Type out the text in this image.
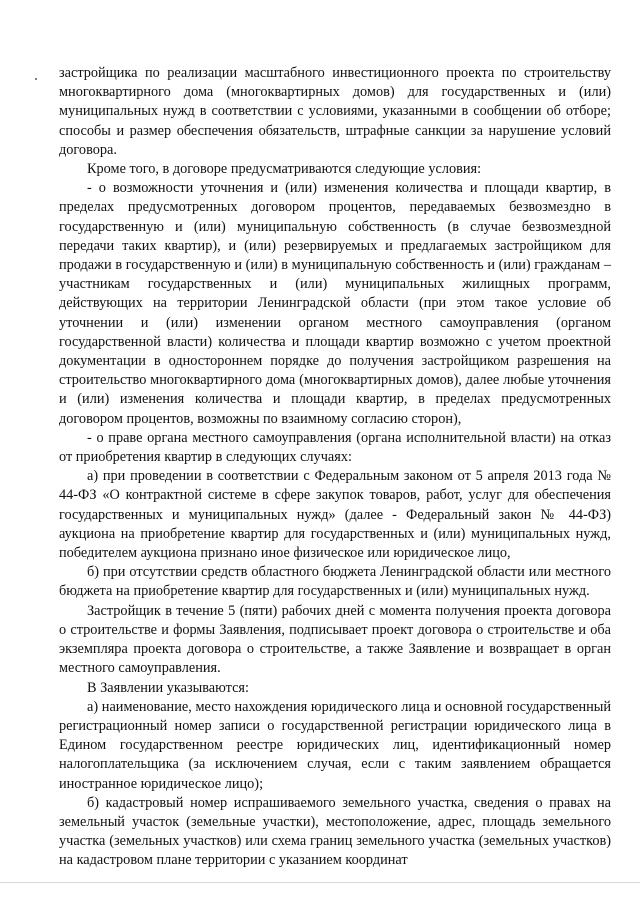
застройщика по реализации масштабного инвестиционного проекта по строительству многоквартирного дома (многоквартирных домов) для государственных и (или) муниципальных нужд в соответствии с условиями, указанными в сообщении об отборе; способы и размер обеспечения обязательств, штрафные санкции за нарушение условий договора.

Кроме того, в договоре предусматриваются следующие условия:

- о возможности уточнения и (или) изменения количества и площади квартир, в пределах предусмотренных договором процентов, передаваемых безвозмездно в государственную и (или) муниципальную собственность (в случае безвозмездной передачи таких квартир), и (или) резервируемых и предлагаемых застройщиком для продажи в государственную и (или) в муниципальную собственность и (или) гражданам – участникам государственных и (или) муниципальных жилищных программ, действующих на территории Ленинградской области (при этом такое условие об уточнении и (или) изменении органом местного самоуправления (органом государственной власти) количества и площади квартир возможно с учетом проектной документации в одностороннем порядке до получения застройщиком разрешения на строительство многоквартирного дома (многоквартирных домов), далее любые уточнения и (или) изменения количества и площади квартир, в пределах предусмотренных договором процентов, возможны по взаимному согласию сторон),

- о праве органа местного самоуправления (органа исполнительной власти) на отказ от приобретения квартир в следующих случаях:

а) при проведении в соответствии с Федеральным законом от 5 апреля 2013 года № 44-ФЗ «О контрактной системе в сфере закупок товаров, работ, услуг для обеспечения государственных и муниципальных нужд» (далее - Федеральный закон № 44-ФЗ) аукциона на приобретение квартир для государственных и (или) муниципальных нужд, победителем аукциона признано иное физическое или юридическое лицо,

б) при отсутствии средств областного бюджета Ленинградской области или местного бюджета на приобретение квартир для государственных и (или) муниципальных нужд.

Застройщик в течение 5 (пяти) рабочих дней с момента получения проекта договора о строительстве и формы Заявления, подписывает проект договора о строительстве и оба экземпляра проекта договора о строительстве, а также Заявление и возвращает в орган местного самоуправления.

В Заявлении указываются:

а) наименование, место нахождения юридического лица и основной государственный регистрационный номер записи о государственной регистрации юридического лица в Едином государственном реестре юридических лиц, идентификационный номер налогоплательщика (за исключением случая, если с таким заявлением обращается иностранное юридическое лицо);

б) кадастровый номер испрашиваемого земельного участка, сведения о правах на земельный участок (земельные участки), местоположение, адрес, площадь земельного участка (земельных участков) или схема границ земельного участка (земельных участков) на кадастровом плане территории с указанием координат
